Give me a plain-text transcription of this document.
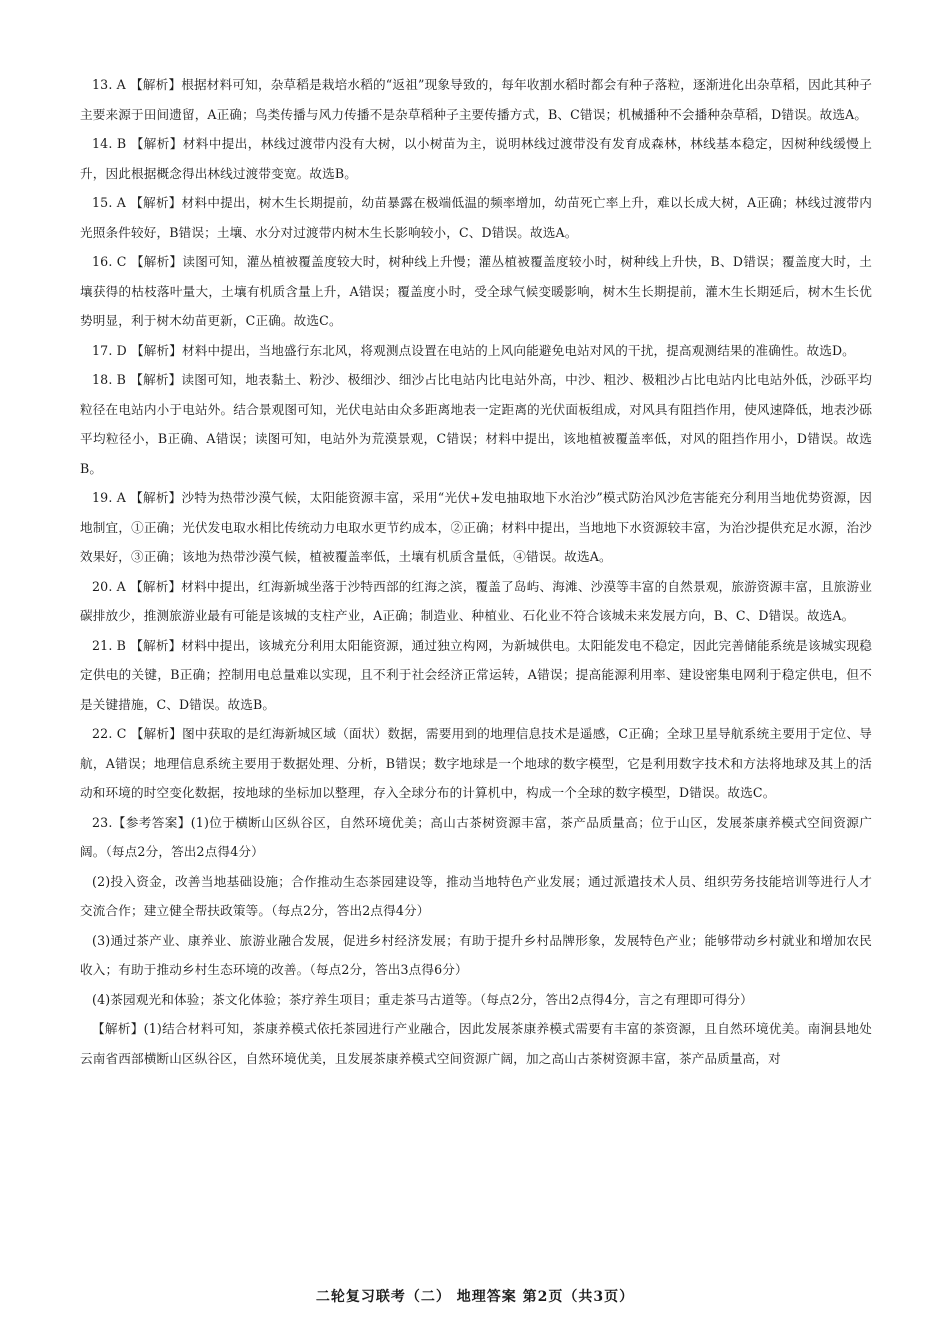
13. A 【解析】根据材料可知，杂草稻是栽培水稻的“返祖”现象导致的，每年收割水稻时都会有种子落粒，逐渐进化出杂草稻，因此其种子主要来源于田间遗留，A正确；鸟类传播与风力传播不是杂草稻种子主要传播方式，B、C错误；机械播种不会播种杂草稻，D错误。故选A。

14. B 【解析】材料中提出，林线过渡带内没有大树，以小树苗为主，说明林线过渡带没有发育成森林，林线基本稳定，因树种线缓慢上升，因此根据概念得出林线过渡带变宽。故选B。

15. A 【解析】材料中提出，树木生长期提前，幼苗暴露在极端低温的频率增加，幼苗死亡率上升，难以长成大树，A正确；林线过渡带内光照条件较好，B错误；土壤、水分对过渡带内树木生长影响较小，C、D错误。故选A。

16. C 【解析】读图可知，灌丛植被覆盖度较大时，树种线上升慢；灌丛植被覆盖度较小时，树种线上升快，B、D错误；覆盖度大时，土壤获得的枯枝落叶量大，土壤有机质含量上升，A错误；覆盖度小时，受全球气候变暖影响，树木生长期提前，灌木生长期延后，树木生长优势明显，利于树木幼苗更新，C正确。故选C。

17. D 【解析】材料中提出，当地盛行东北风，将观测点设置在电站的上风向能避免电站对风的干扰，提高观测结果的准确性。故选D。

18. B 【解析】读图可知，地表黏土、粉沙、极细沙、细沙占比电站内比电站外高，中沙、粗沙、极粗沙占比电站内比电站外低，沙砾平均粒径在电站内小于电站外。结合景观图可知，光伏电站由众多距离地表一定距离的光伏面板组成，对风具有阻挡作用，使风速降低，地表沙砾平均粒径小，B正确、A错误；读图可知，电站外为荒漠景观，C错误；材料中提出，该地植被覆盖率低，对风的阻挡作用小，D错误。故选B。

19. A 【解析】沙特为热带沙漠气候，太阳能资源丰富，采用“光伏+发电抽取地下水治沙”模式防治风沙危害能充分利用当地优势资源，因地制宜，①正确；光伏发电取水相比传统动力电取水更节约成本，②正确；材料中提出，当地地下水资源较丰富，为治沙提供充足水源，治沙效果好，③正确；该地为热带沙漠气候，植被覆盖率低，土壤有机质含量低，④错误。故选A。

20. A 【解析】材料中提出，红海新城坐落于沙特西部的红海之滨，覆盖了岛屿、海滩、沙漠等丰富的自然景观，旅游资源丰富，且旅游业碳排放少，推测旅游业最有可能是该城的支柱产业，A正确；制造业、种植业、石化业不符合该城未来发展方向，B、C、D错误。故选A。

21. B 【解析】材料中提出，该城充分利用太阳能资源，通过独立构网，为新城供电。太阳能发电不稳定，因此完善储能系统是该城实现稳定供电的关键，B正确；控制用电总量难以实现，且不利于社会经济正常运转，A错误；提高能源利用率、建设密集电网利于稳定供电，但不是关键措施，C、D错误。故选B。

22. C 【解析】图中获取的是红海新城区域（面状）数据，需要用到的地理信息技术是遥感，C正确；全球卫星导航系统主要用于定位、导航，A错误；地理信息系统主要用于数据处理、分析，B错误；数字地球是一个地球的数字模型，它是利用数字技术和方法将地球及其上的活动和环境的时空变化数据，按地球的坐标加以整理，存入全球分布的计算机中，构成一个全球的数字模型，D错误。故选C。

23.【参考答案】(1)位于横断山区纵谷区，自然环境优美；高山古茶树资源丰富，茶产品质量高；位于山区，发展茶康养模式空间资源广阔。（每点2分，答出2点得4分）

(2)投入资金，改善当地基础设施；合作推动生态茶园建设等，推动当地特色产业发展；通过派遣技术人员、组织劳务技能培训等进行人才交流合作；建立健全帮扶政策等。（每点2分，答出2点得4分）

(3)通过茶产业、康养业、旅游业融合发展，促进乡村经济发展；有助于提升乡村品牌形象，发展特色产业；能够带动乡村就业和增加农民收入；有助于推动乡村生态环境的改善。（每点2分，答出3点得6分）

(4)茶园观光和体验；茶文化体验；茶疗养生项目；重走茶马古道等。（每点2分，答出2点得4分，言之有理即可得分）

【解析】(1)结合材料可知，茶康养模式依托茶园进行产业融合，因此发展茶康养模式需要有丰富的茶资源，且自然环境优美。南涧县地处云南省西部横断山区纵谷区，自然环境优美，且发展茶康养模式空间资源广阔，加之高山古茶树资源丰富，茶产品质量高，对

二轮复习联考（二） 地理答案 第2页（共3页）
